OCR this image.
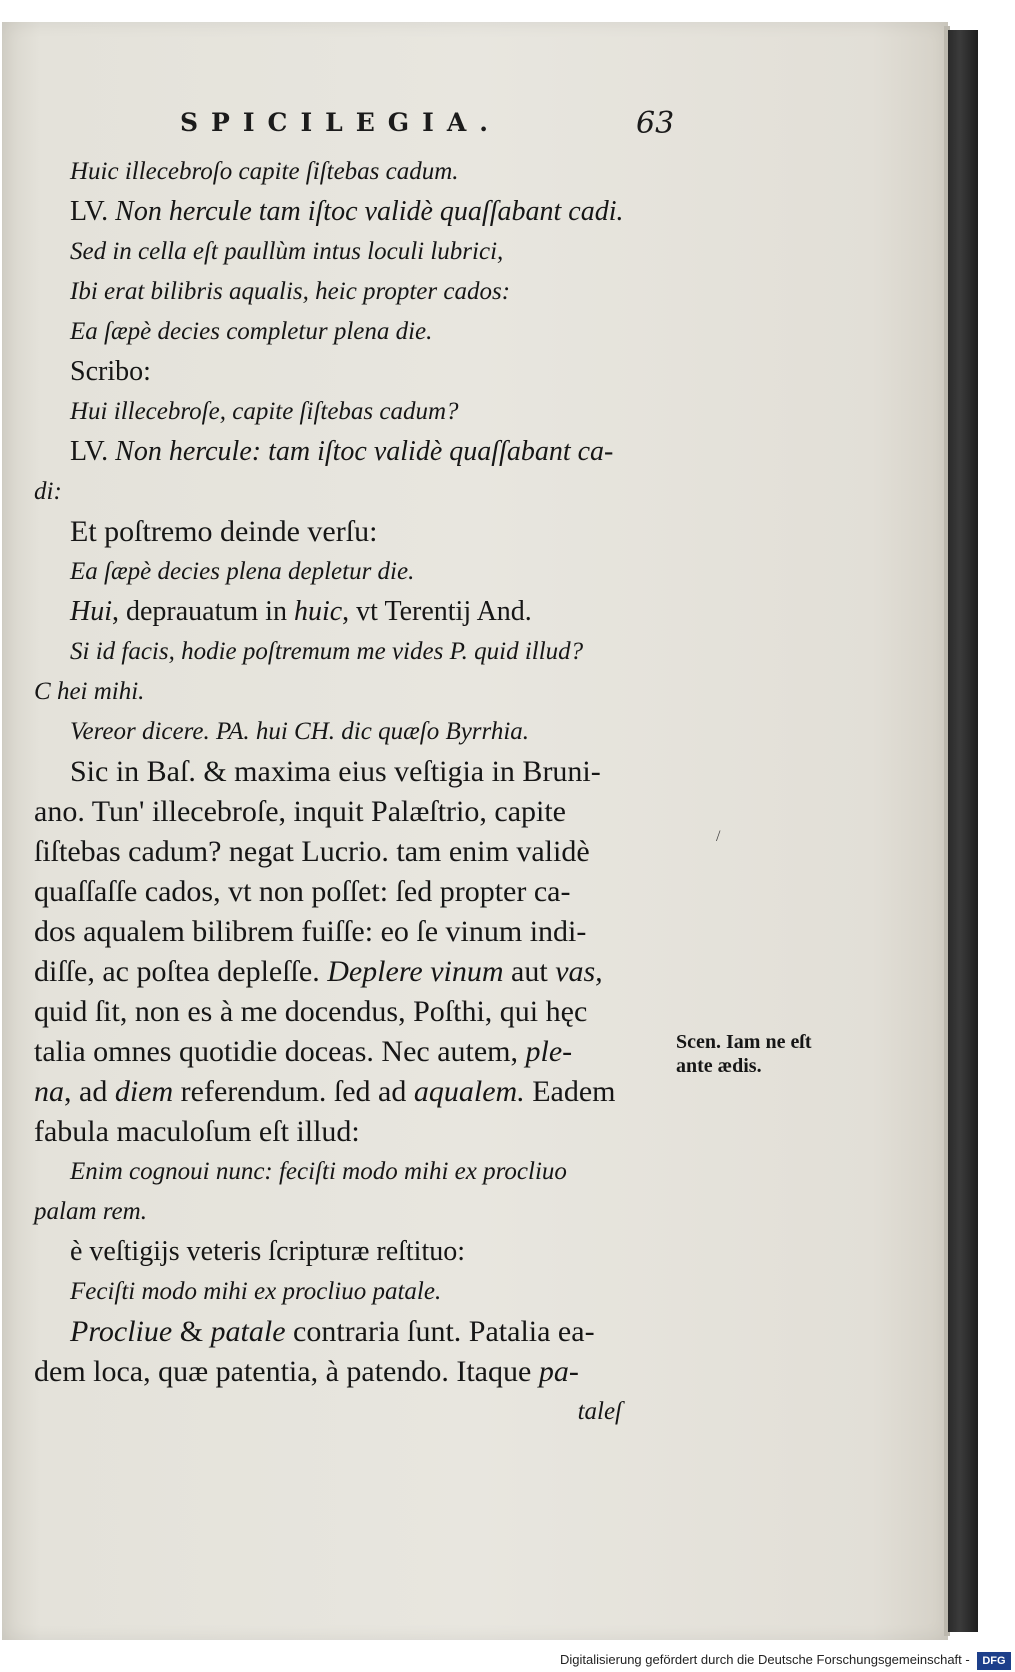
SPICILEGIA.	63
Huic illecebroſo capite ſiſtebas cadum.
LV. Non hercule tam iſtoc validè quaſſabant cadi.
Sed in cella eſt paullùm intus loculi lubrici,
Ibi erat bilibris aqualis, heic propter cados:
Ea ſæpè decies completur plena die.
Scribo:
Hui illecebroſe, capite ſiſtebas cadum?
LV. Non hercule: tam iſtoc validè quaſſabant ca-
di:
Et poſtremo deinde verſu:
Ea ſæpè decies plena depletur die.
Hui, deprauatum in huic, vt Terentij And.
Si id facis, hodie poſtremum me vides P. quid illud?
C hei mihi.
Vereor dicere. PA. hui CH. dic quæſo Byrrhia.
Sic in Baſ. & maxima eius veſtigia in Bruni-
ano. Tun' illecebroſe, inquit Palæſtrio, capite
ſiſtebas cadum? negat Lucrio. tam enim validè
quaſſaſſe cados, vt non poſſet: ſed propter ca-
dos aqualem bilibrem fuiſſe: eo ſe vinum indi-
diſſe, ac poſtea depleſſe. Deplere vinum aut vas,
quid ſit, non es à me docendus, Poſthi, qui hęc
talia omnes quotidie doceas. Nec autem, ple-
na, ad diem referendum. ſed ad aqualem. Eadem
fabula maculoſum eſt illud:
Enim cognoui nunc: feciſti modo mihi ex procliuo
palam rem.
è veſtigijs veteris ſcripturæ reſtituo:
Feciſti modo mihi ex procliuo patale.
Procliue & patale contraria ſunt. Patalia ea-
dem loca, quæ patentia, à patendo. Itaque pa-
taleſ
/
Scen. Iam ne eſt
ante ædis.
Digitalisierung gefördert durch die Deutsche Forschungsgemeinschaft - DFG
